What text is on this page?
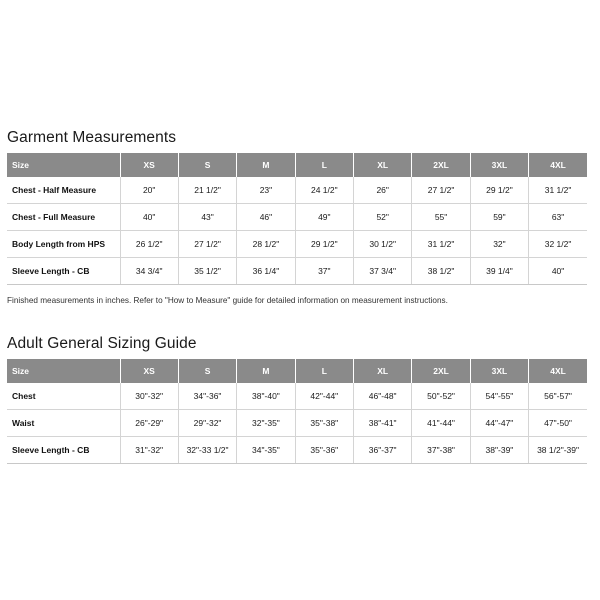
Garment Measurements
Size	XS	S	M	L	XL	2XL	3XL	4XL
Chest - Half Measure	20"	21 1/2"	23"	24 1/2"	26"	27 1/2"	29 1/2"	31 1/2"
Chest - Full Measure	40"	43"	46"	49"	52"	55"	59"	63"
Body Length from HPS	26 1/2"	27 1/2"	28 1/2"	29 1/2"	30 1/2"	31 1/2"	32"	32 1/2"
Sleeve Length - CB	34 3/4"	35 1/2"	36 1/4"	37"	37 3/4"	38 1/2"	39 1/4"	40"
Finished measurements in inches. Refer to "How to Measure" guide for detailed information on measurement instructions.
Adult General Sizing Guide
Size	XS	S	M	L	XL	2XL	3XL	4XL
Chest	30"-32"	34"-36"	38"-40"	42"-44"	46"-48"	50"-52"	54"-55"	56"-57"
Waist	26"-29"	29"-32"	32"-35"	35"-38"	38"-41"	41"-44"	44"-47"	47"-50"
Sleeve Length - CB	31"-32"	32"-33 1/2"	34"-35"	35"-36"	36"-37"	37"-38"	38"-39"	38 1/2"-39"
